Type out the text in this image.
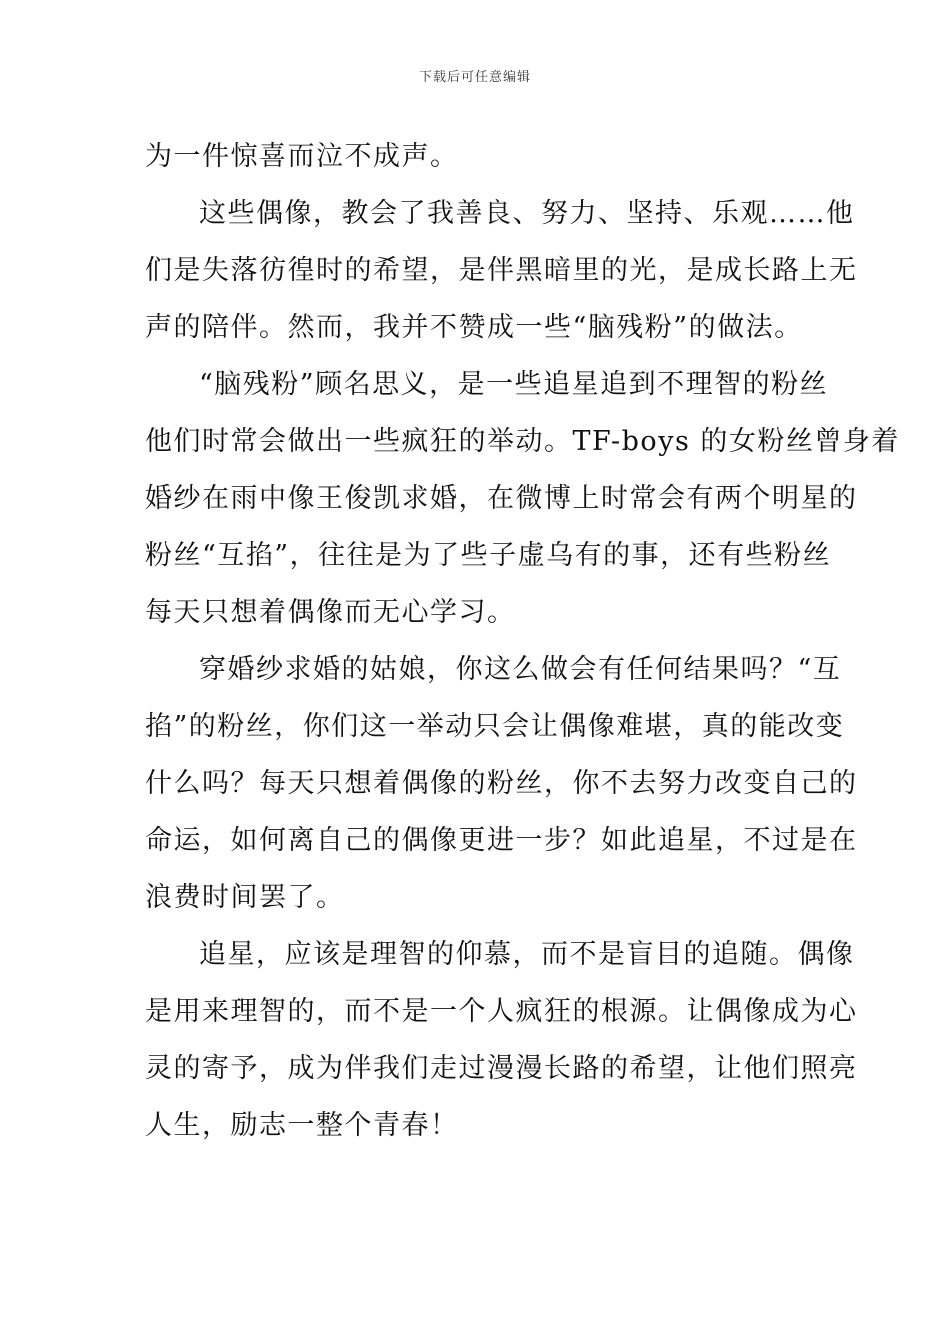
下载后可任意编辑
为一件惊喜而泣不成声。
这些偶像，教会了我善良、努力、坚持、乐观……他
们是失落彷徨时的希望，是伴黑暗里的光，是成长路上无
声的陪伴。然而，我并不赞成一些“脑残粉”的做法。
“脑残粉”顾名思义，是一些追星追到不理智的粉丝
他们时常会做出一些疯狂的举动。TF-boys 的女粉丝曾身着
婚纱在雨中像王俊凯求婚，在微博上时常会有两个明星的
粉丝“互掐”，往往是为了些子虚乌有的事，还有些粉丝
每天只想着偶像而无心学习。
穿婚纱求婚的姑娘，你这么做会有任何结果吗？“互
掐”的粉丝，你们这一举动只会让偶像难堪，真的能改变
什么吗？每天只想着偶像的粉丝，你不去努力改变自己的
命运，如何离自己的偶像更进一步？如此追星，不过是在
浪费时间罢了。
追星，应该是理智的仰慕，而不是盲目的追随。偶像
是用来理智的，而不是一个人疯狂的根源。让偶像成为心
灵的寄予，成为伴我们走过漫漫长路的希望，让他们照亮
人生，励志一整个青春！
